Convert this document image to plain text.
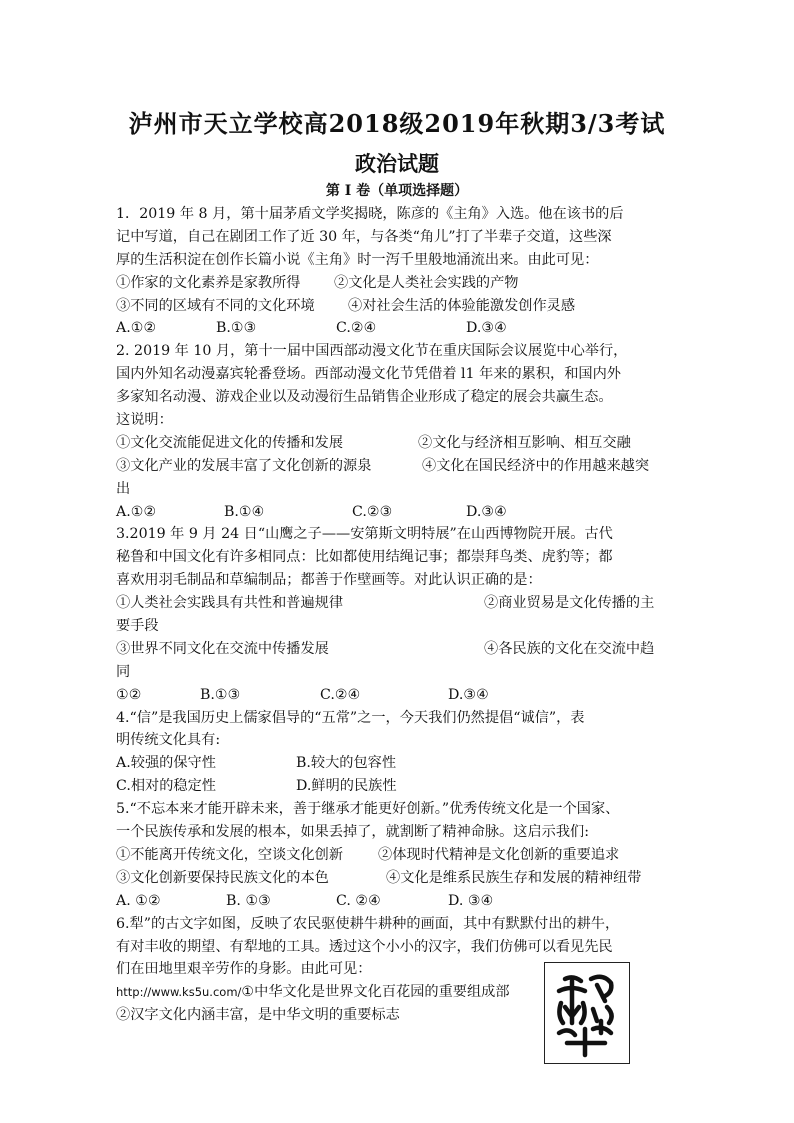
泸州市天立学校高2018级2019年秋期3/3考试
政治试题
第 I 卷（单项选择题）
1．2019 年 8 月，第十届茅盾文学奖揭晓，陈彦的《主角》入选。他在该书的后
记中写道，自己在剧团工作了近 30 年，与各类“角儿”打了半辈子交道，这些深
厚的生活积淀在创作长篇小说《主角》时一泻千里般地涌流出来。由此可见：
①作家的文化素养是家教所得 ②文化是人类社会实践的产物
③不同的区域有不同的文化环境 ④对社会生活的体验能激发创作灵感
A.①②	B.①③	C.②④	D.③④
2. 2019 年 10 月，第十一届中国西部动漫文化节在重庆国际会议展览中心举行，
国内外知名动漫嘉宾轮番登场。西部动漫文化节凭借着 l1 年来的累积，和国内外
多家知名动漫、游戏企业以及动漫衍生品销售企业形成了稳定的展会共赢生态。
这说明：
①文化交流能促进文化的传播和发展	②文化与经济相互影响、相互交融
③文化产业的发展丰富了文化创新的源泉	④文化在国民经济中的作用越来越突
出
A.①②	B.①④	C.②③	D.③④
3.2019 年 9 月 24 日“山鹰之子——安第斯文明特展”在山西博物院开展。古代
秘鲁和中国文化有许多相同点：比如都使用结绳记事；都崇拜鸟类、虎豹等；都
喜欢用羽毛制品和草编制品；都善于作壁画等。对此认识正确的是：
①人类社会实践具有共性和普遍规律	②商业贸易是文化传播的主
要手段
③世界不同文化在交流中传播发展	④各民族的文化在交流中趋
同
①②	B.①③	C.②④	D.③④
4.“信”是我国历史上儒家倡导的“五常”之一，今天我们仍然提倡“诚信”，表
明传统文化具有:
A.较强的保守性	B.较大的包容性
C.相对的稳定性	D.鲜明的民族性
5.“不忘本来才能开辟未来，善于继承才能更好创新。”优秀传统文化是一个国家、
一个民族传承和发展的根本，如果丢掉了，就割断了精神命脉。这启示我们:
①不能离开传统文化，空谈文化创新 ②体现时代精神是文化创新的重要追求
③文化创新要保持民族文化的本色	④文化是维系民族生存和发展的精神纽带
A. ①②	B. ①③	C. ②④	D. ③④
6.犁”的古文字如图，反映了农民驱使耕牛耕种的画面，其中有默默付出的耕牛，
有对丰收的期望、有犁地的工具。透过这个小小的汉字，我们仿佛可以看见先民
们在田地里艰辛劳作的身影。由此可见：
http://www.ks5u.com/①中华文化是世界文化百花园的重要组成部
②汉字文化内涵丰富，是中华文明的重要标志
